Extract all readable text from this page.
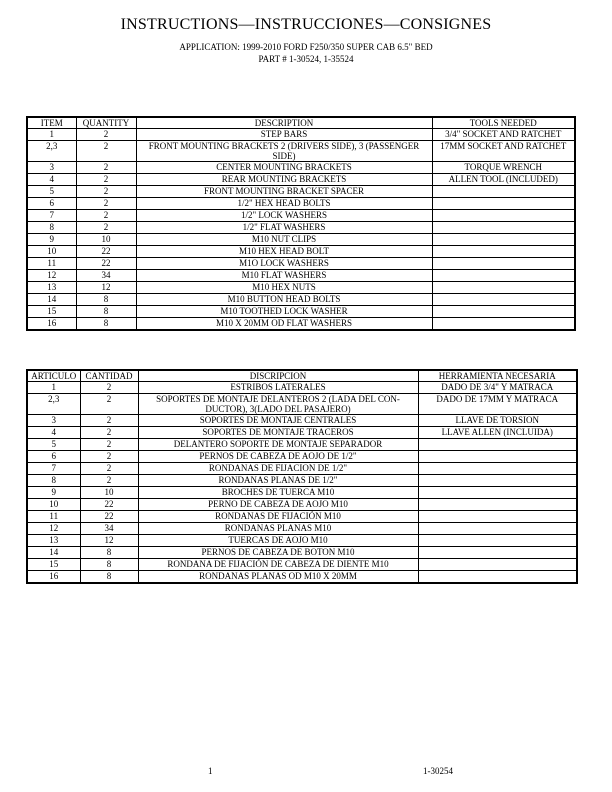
INSTRUCTIONS—INSTRUCCIONES—CONSIGNES
APPLICATION: 1999-2010 FORD F250/350 SUPER CAB 6.5" BED
PART # 1-30524, 1-35524
ITEM	QUANTITY	DESCRIPTION	TOOLS NEEDED
1	2	STEP BARS	3/4" SOCKET AND RATCHET
2,3	2	FRONT MOUNTING BRACKETS 2 (DRIVERS SIDE), 3 (PASSENGER SIDE)	17MM SOCKET AND RATCHET
3	2	CENTER MOUNTING BRACKETS	TORQUE WRENCH
4	2	REAR MOUNTING BRACKETS	ALLEN TOOL (INCLUDED)
5	2	FRONT MOUNTING BRACKET SPACER	
6	2	1/2" HEX HEAD BOLTS	
7	2	1/2" LOCK WASHERS	
8	2	1/2" FLAT WASHERS	
9	10	M10 NUT CLIPS	
10	22	M10 HEX HEAD BOLT	
11	22	M1O LOCK WASHERS	
12	34	M10 FLAT WASHERS	
13	12	M10 HEX NUTS	
14	8	M10 BUTTON HEAD BOLTS	
15	8	M10 TOOTHED LOCK WASHER	
16	8	M10 X 20MM OD FLAT WASHERS	
ARTICULO	CANTIDAD	DISCRIPCION	HERRAMIENTA NECESARIA
1	2	ESTRIBOS LATERALES	DADO DE 3/4" Y MATRACA
2,3	2	SOPORTES DE MONTAJE DELANTEROS 2 (LADA DEL CON- DUCTOR), 3(LADO DEL PASAJERO)	DADO DE 17MM Y MATRACA
3	2	SOPORTES DE MONTAJE CENTRALES	LLAVE DE TORSION
4	2	SOPORTES DE MONTAJE TRACEROS	LLAVE ALLEN (INCLUIDA)
5	2	DELANTERO SOPORTE DE MONTAJE SEPARADOR	
6	2	PERNOS DE CABEZA DE AOJO DE 1/2"	
7	2	RONDANAS DE FIJACION DE 1/2"	
8	2	RONDANAS PLANAS DE 1/2"	
9	10	BROCHES DE TUERCA M10	
10	22	PERNO DE CABEZA DE AOJO M10	
11	22	RONDANAS DE FIJACIÓN M10	
12	34	RONDANAS PLANAS M10	
13	12	TUERCAS DE AOJO M10	
14	8	PERNOS DE CABEZA DE BOTON M10	
15	8	RONDANA DE FIJACIÓN DE CABEZA DE DIENTE M10	
16	8	RONDANAS PLANAS OD M10 X 20MM	
1	1-30254
